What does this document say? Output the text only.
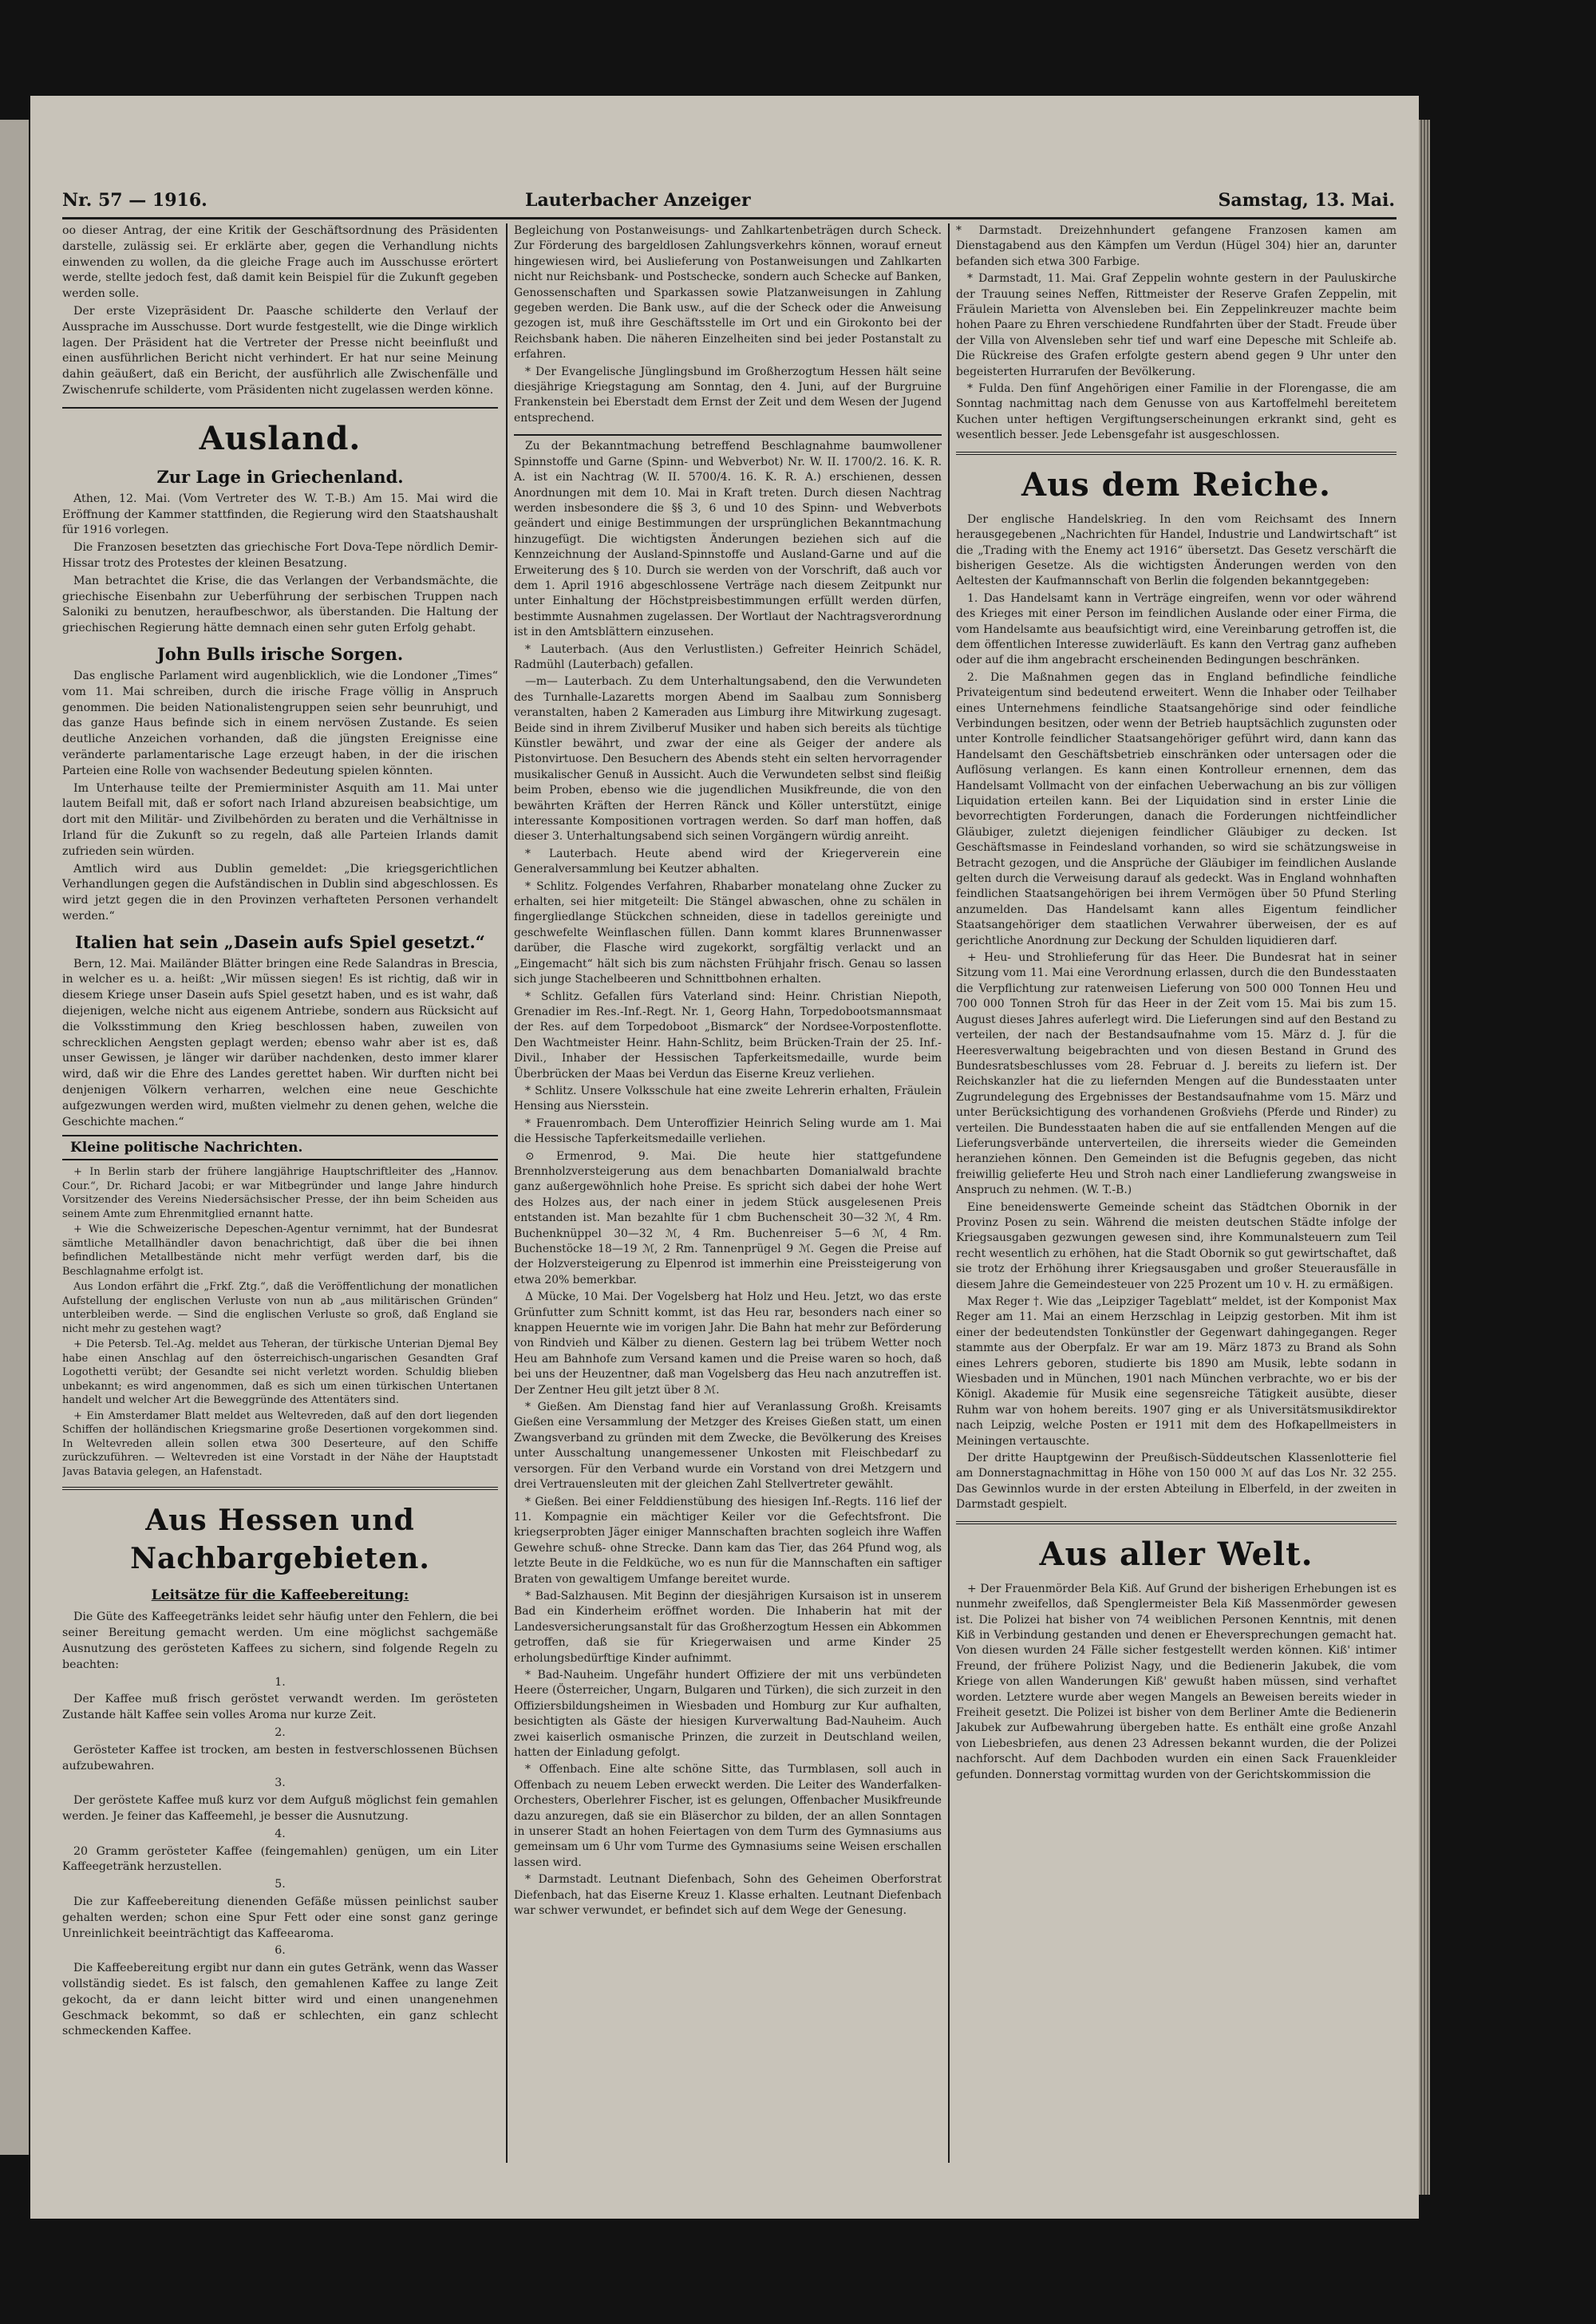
Nr. 57 — 1916.	Lauterbacher Anzeiger	Samstag, 13. Mai.

oo dieser Antrag, der eine Kritik der Geschäftsordnung des Präsidenten darstelle, zulässig sei. Er erklärte aber, gegen die Verhandlung nichts einwenden zu wollen, da die gleiche Frage auch im Ausschusse erörtert werde, stellte jedoch fest, daß damit kein Beispiel für die Zukunft gegeben werden solle.

Der erste Vizepräsident Dr. Paasche schilderte den Verlauf der Aussprache im Ausschusse. Dort wurde festgestellt, wie die Dinge wirklich lagen. Der Präsident hat die Vertreter der Presse nicht beeinflußt und einen ausführlichen Bericht nicht verhindert. Er hat nur seine Meinung dahin geäußert, daß ein Bericht, der ausführlich alle Zwischenfälle und Zwischenrufe schilderte, vom Präsidenten nicht zugelassen werden könne.

Ausland.
Zur Lage in Griechenland.

Athen, 12. Mai. (Vom Vertreter des W. T.-B.) Am 15. Mai wird die Eröffnung der Kammer stattfinden, die Regierung wird den Staatshaushalt für 1916 vorlegen.

Die Franzosen besetzten das griechische Fort Dova-Tepe nördlich Demir-Hissar trotz des Protestes der kleinen Besatzung.

Man betrachtet die Krise, die das Verlangen der Verbandsmächte, die griechische Eisenbahn zur Ueberführung der serbischen Truppen nach Saloniki zu benutzen, heraufbeschwor, als überstanden. Die Haltung der griechischen Regierung hätte demnach einen sehr guten Erfolg gehabt.

John Bulls irische Sorgen.

Das englische Parlament wird augenblicklich, wie die Londoner „Times“ vom 11. Mai schreiben, durch die irische Frage völlig in Anspruch genommen. Die beiden Nationalistengruppen seien sehr beunruhigt, und das ganze Haus befinde sich in einem nervösen Zustande. Es seien deutliche Anzeichen vorhanden, daß die jüngsten Ereignisse eine veränderte parlamentarische Lage erzeugt haben, in der die irischen Parteien eine Rolle von wachsender Bedeutung spielen könnten.

Im Unterhause teilte der Premierminister Asquith am 11. Mai unter lautem Beifall mit, daß er sofort nach Irland abzureisen beabsichtige, um dort mit den Militär- und Zivilbehörden zu beraten und die Verhältnisse in Irland für die Zukunft so zu regeln, daß alle Parteien Irlands damit zufrieden sein würden.

Amtlich wird aus Dublin gemeldet: „Die kriegsgerichtlichen Verhandlungen gegen die Aufständischen in Dublin sind abgeschlossen. Es wird jetzt gegen die in den Provinzen verhafteten Personen verhandelt werden.“

Italien hat sein „Dasein aufs Spiel gesetzt.“

Bern, 12. Mai. Mailänder Blätter bringen eine Rede Salandras in Brescia, in welcher es u. a. heißt: „Wir müssen siegen! Es ist richtig, daß wir in diesem Kriege unser Dasein aufs Spiel gesetzt haben, und es ist wahr, daß diejenigen, welche nicht aus eigenem Antriebe, sondern aus Rücksicht auf die Volksstimmung den Krieg beschlossen haben, zuweilen von schrecklichen Aengsten geplagt werden; ebenso wahr aber ist es, daß unser Gewissen, je länger wir darüber nachdenken, desto immer klarer wird, daß wir die Ehre des Landes gerettet haben. Wir durften nicht bei denjenigen Völkern verharren, welchen eine neue Geschichte aufgezwungen werden wird, mußten vielmehr zu denen gehen, welche die Geschichte machen.“

Kleine politische Nachrichten.

+ In Berlin starb der frühere langjährige Hauptschriftleiter des „Hannov. Cour.“, Dr. Richard Jacobi; er war Mitbegründer und lange Jahre hindurch Vorsitzender des Vereins Niedersächsischer Presse, der ihn beim Scheiden aus seinem Amte zum Ehrenmitglied ernannt hatte.

+ Wie die Schweizerische Depeschen-Agentur vernimmt, hat der Bundesrat sämtliche Metallhändler davon benachrichtigt, daß über die bei ihnen befindlichen Metallbestände nicht mehr verfügt werden darf, bis die Beschlagnahme erfolgt ist.

Aus London erfährt die „Frkf. Ztg.“, daß die Veröffentlichung der monatlichen Aufstellung der englischen Verluste von nun ab „aus militärischen Gründen“ unterbleiben werde. — Sind die englischen Verluste so groß, daß England sie nicht mehr zu gestehen wagt?

+ Die Petersb. Tel.-Ag. meldet aus Teheran, der türkische Unterian Djemal Bey habe einen Anschlag auf den österreichisch-ungarischen Gesandten Graf Logothetti verübt; der Gesandte sei nicht verletzt worden. Schuldig blieben unbekannt; es wird angenommen, daß es sich um einen türkischen Untertanen handelt und welcher Art die Beweggründe des Attentäters sind.

+ Ein Amsterdamer Blatt meldet aus Weltevreden, daß auf den dort liegenden Schiffen der holländischen Kriegsmarine große Desertionen vorgekommen sind. In Weltevreden allein sollen etwa 300 Deserteure, auf den Schiffe zurückzuführen. — Weltevreden ist eine Vorstadt in der Nähe der Hauptstadt Javas Batavia gelegen, an Hafenstadt.

Aus Hessen und Nachbargebieten.
Leitsätze für die Kaffeebereitung:

Die Güte des Kaffeegetränks leidet sehr häufig unter den Fehlern, die bei seiner Bereitung gemacht werden. Um eine möglichst sachgemäße Ausnutzung des gerösteten Kaffees zu sichern, sind folgende Regeln zu beachten:

1.

Der Kaffee muß frisch geröstet verwandt werden. Im gerösteten Zustande hält Kaffee sein volles Aroma nur kurze Zeit.

2.

Gerösteter Kaffee ist trocken, am besten in festverschlossenen Büchsen aufzubewahren.

3.

Der geröstete Kaffee muß kurz vor dem Aufguß möglichst fein gemahlen werden. Je feiner das Kaffeemehl, je besser die Ausnutzung.

4.

20 Gramm gerösteter Kaffee (feingemahlen) genügen, um ein Liter Kaffeegetränk herzustellen.

5.

Die zur Kaffeebereitung dienenden Gefäße müssen peinlichst sauber gehalten werden; schon eine Spur Fett oder eine sonst ganz geringe Unreinlichkeit beeinträchtigt das Kaffeearoma.

6.

Die Kaffeebereitung ergibt nur dann ein gutes Getränk, wenn das Wasser vollständig siedet. Es ist falsch, den gemahlenen Kaffee zu lange Zeit gekocht, da er dann leicht bitter wird und einen unangenehmen Geschmack bekommt, so daß er schlechten, ein ganz schlecht schmeckenden Kaffee.

Begleichung von Postanweisungs- und Zahlkartenbeträgen durch Scheck. Zur Förderung des bargeldlosen Zahlungsverkehrs können, worauf erneut hingewiesen wird, bei Auslieferung von Postanweisungen und Zahlkarten nicht nur Reichsbank- und Postschecke, sondern auch Schecke auf Banken, Genossenschaften und Sparkassen sowie Platzanweisungen in Zahlung gegeben werden. Die Bank usw., auf die der Scheck oder die Anweisung gezogen ist, muß ihre Geschäftsstelle im Ort und ein Girokonto bei der Reichsbank haben. Die näheren Einzelheiten sind bei jeder Postanstalt zu erfahren.

* Der Evangelische Jünglingsbund im Großherzogtum Hessen hält seine diesjährige Kriegstagung am Sonntag, den 4. Juni, auf der Burgruine Frankenstein bei Eberstadt dem Ernst der Zeit und dem Wesen der Jugend entsprechend.

Zu der Bekanntmachung betreffend Beschlagnahme baumwollener Spinnstoffe und Garne (Spinn- und Webverbot) Nr. W. II. 1700/2. 16. K. R. A. ist ein Nachtrag (W. II. 5700/4. 16. K. R. A.) erschienen, dessen Anordnungen mit dem 10. Mai in Kraft treten. Durch diesen Nachtrag werden insbesondere die §§ 3, 6 und 10 des Spinn- und Webverbots geändert und einige Bestimmungen der ursprünglichen Bekanntmachung hinzugefügt. Die wichtigsten Änderungen beziehen sich auf die Kennzeichnung der Ausland-Spinnstoffe und Ausland-Garne und auf die Erweiterung des § 10. Durch sie werden von der Vorschrift, daß auch vor dem 1. April 1916 abgeschlossene Verträge nach diesem Zeitpunkt nur unter Einhaltung der Höchstpreisbestimmungen erfüllt werden dürfen, bestimmte Ausnahmen zugelassen. Der Wortlaut der Nachtragsverordnung ist in den Amtsblättern einzusehen.

* Lauterbach. (Aus den Verlustlisten.) Gefreiter Heinrich Schädel, Radmühl (Lauterbach) gefallen.

—m— Lauterbach. Zu dem Unterhaltungsabend, den die Verwundeten des Turnhalle-Lazaretts morgen Abend im Saalbau zum Sonnisberg veranstalten, haben 2 Kameraden aus Limburg ihre Mitwirkung zugesagt. Beide sind in ihrem Zivilberuf Musiker und haben sich bereits als tüchtige Künstler bewährt, und zwar der eine als Geiger der andere als Pistonvirtuose. Den Besuchern des Abends steht ein selten hervorragender musikalischer Genuß in Aussicht. Auch die Verwundeten selbst sind fleißig beim Proben, ebenso wie die jugendlichen Musikfreunde, die von den bewährten Kräften der Herren Ränck und Köller unterstützt, einige interessante Kompositionen vortragen werden. So darf man hoffen, daß dieser 3. Unterhaltungsabend sich seinen Vorgängern würdig anreiht.

* Lauterbach. Heute abend wird der Kriegerverein eine Generalversammlung bei Keutzer abhalten.

* Schlitz. Folgendes Verfahren, Rhabarber monatelang ohne Zucker zu erhalten, sei hier mitgeteilt: Die Stängel abwaschen, ohne zu schälen in fingergliedlange Stückchen schneiden, diese in tadellos gereinigte und geschwefelte Weinflaschen füllen. Dann kommt klares Brunnenwasser darüber, die Flasche wird zugekorkt, sorgfältig verlackt und an „Eingemacht“ hält sich bis zum nächsten Frühjahr frisch. Genau so lassen sich junge Stachelbeeren und Schnittbohnen erhalten.

* Schlitz. Gefallen fürs Vaterland sind: Heinr. Christian Niepoth, Grenadier im Res.-Inf.-Regt. Nr. 1, Georg Hahn, Torpedobootsmannsmaat der Res. auf dem Torpedoboot „Bismarck“ der Nordsee-Vorpostenflotte. Den Wachtmeister Heinr. Hahn-Schlitz, beim Brücken-Train der 25. Inf.-Divil., Inhaber der Hessischen Tapferkeitsmedaille, wurde beim Überbrücken der Maas bei Verdun das Eiserne Kreuz verliehen.

* Schlitz. Unsere Volksschule hat eine zweite Lehrerin erhalten, Fräulein Hensing aus Niersstein.

* Frauenrombach. Dem Unteroffizier Heinrich Seling wurde am 1. Mai die Hessische Tapferkeitsmedaille verliehen.

⊙ Ermenrod, 9. Mai. Die heute hier stattgefundene Brennholzversteigerung aus dem benachbarten Domanialwald brachte ganz außergewöhnlich hohe Preise. Es spricht sich dabei der hohe Wert des Holzes aus, der nach einer in jedem Stück ausgelesenen Preis entstanden ist. Man bezahlte für 1 cbm Buchenscheit 30—32 ℳ, 4 Rm. Buchenknüppel 30—32 ℳ, 4 Rm. Buchenreiser 5—6 ℳ, 4 Rm. Buchenstöcke 18—19 ℳ, 2 Rm. Tannenprügel 9 ℳ. Gegen die Preise auf der Holzversteigerung zu Elpenrod ist immerhin eine Preissteigerung von etwa 20% bemerkbar.

Δ Mücke, 10 Mai. Der Vogelsberg hat Holz und Heu. Jetzt, wo das erste Grünfutter zum Schnitt kommt, ist das Heu rar, besonders nach einer so knappen Heuernte wie im vorigen Jahr. Die Bahn hat mehr zur Beförderung von Rindvieh und Kälber zu dienen. Gestern lag bei trübem Wetter noch Heu am Bahnhofe zum Versand kamen und die Preise waren so hoch, daß bei uns der Heuzentner, daß man Vogelsberg das Heu nach anzutreffen ist. Der Zentner Heu gilt jetzt über 8 ℳ.

* Gießen. Am Dienstag fand hier auf Veranlassung Großh. Kreisamts Gießen eine Versammlung der Metzger des Kreises Gießen statt, um einen Zwangsverband zu gründen mit dem Zwecke, die Bevölkerung des Kreises unter Ausschaltung unangemessener Unkosten mit Fleischbedarf zu versorgen. Für den Verband wurde ein Vorstand von drei Metzgern und drei Vertrauensleuten mit der gleichen Zahl Stellvertreter gewählt.

* Gießen. Bei einer Felddienstübung des hiesigen Inf.-Regts. 116 lief der 11. Kompagnie ein mächtiger Keiler vor die Gefechtsfront. Die kriegserprobten Jäger einiger Mannschaften brachten sogleich ihre Waffen Gewehre schuß- ohne Strecke. Dann kam das Tier, das 264 Pfund wog, als letzte Beute in die Feldküche, wo es nun für die Mannschaften ein saftiger Braten von gewaltigem Umfange bereitet wurde.

* Bad-Salzhausen. Mit Beginn der diesjährigen Kursaison ist in unserem Bad ein Kinderheim eröffnet worden. Die Inhaberin hat mit der Landesversicherungsanstalt für das Großherzogtum Hessen ein Abkommen getroffen, daß sie für Kriegerwaisen und arme Kinder 25 erholungsbedürftige Kinder aufnimmt.

* Bad-Nauheim. Ungefähr hundert Offiziere der mit uns verbündeten Heere (Österreicher, Ungarn, Bulgaren und Türken), die sich zurzeit in den Offiziersbildungsheimen in Wiesbaden und Homburg zur Kur aufhalten, besichtigten als Gäste der hiesigen Kurverwaltung Bad-Nauheim. Auch zwei kaiserlich osmanische Prinzen, die zurzeit in Deutschland weilen, hatten der Einladung gefolgt.

* Offenbach. Eine alte schöne Sitte, das Turmblasen, soll auch in Offenbach zu neuem Leben erweckt werden. Die Leiter des Wanderfalken-Orchesters, Oberlehrer Fischer, ist es gelungen, Offenbacher Musikfreunde dazu anzuregen, daß sie ein Bläserchor zu bilden, der an allen Sonntagen in unserer Stadt an hohen Feiertagen von dem Turm des Gymnasiums aus gemeinsam um 6 Uhr vom Turme des Gymnasiums seine Weisen erschallen lassen wird.

* Darmstadt. Leutnant Diefenbach, Sohn des Geheimen Oberforstrat Diefenbach, hat das Eiserne Kreuz 1. Klasse erhalten. Leutnant Diefenbach war schwer verwundet, er befindet sich auf dem Wege der Genesung.

* Darmstadt. Dreizehnhundert gefangene Franzosen kamen am Dienstagabend aus den Kämpfen um Verdun (Hügel 304) hier an, darunter befanden sich etwa 300 Farbige.

* Darmstadt, 11. Mai. Graf Zeppelin wohnte gestern in der Pauluskirche der Trauung seines Neffen, Rittmeister der Reserve Grafen Zeppelin, mit Fräulein Marietta von Alvensleben bei. Ein Zeppelinkreuzer machte beim hohen Paare zu Ehren verschiedene Rundfahrten über der Stadt. Freude über der Villa von Alvensleben sehr tief und warf eine Depesche mit Schleife ab. Die Rückreise des Grafen erfolgte gestern abend gegen 9 Uhr unter den begeisterten Hurrarufen der Bevölkerung.

* Fulda. Den fünf Angehörigen einer Familie in der Florengasse, die am Sonntag nachmittag nach dem Genusse von aus Kartoffelmehl bereitetem Kuchen unter heftigen Vergiftungserscheinungen erkrankt sind, geht es wesentlich besser. Jede Lebensgefahr ist ausgeschlossen.

Aus dem Reiche.

Der englische Handelskrieg. In den vom Reichsamt des Innern herausgegebenen „Nachrichten für Handel, Industrie und Landwirtschaft“ ist die „Trading with the Enemy act 1916“ übersetzt. Das Gesetz verschärft die bisherigen Gesetze. Als die wichtigsten Änderungen werden von den Aeltesten der Kaufmannschaft von Berlin die folgenden bekanntgegeben:

1. Das Handelsamt kann in Verträge eingreifen, wenn vor oder während des Krieges mit einer Person im feindlichen Auslande oder einer Firma, die vom Handelsamte aus beaufsichtigt wird, eine Vereinbarung getroffen ist, die dem öffentlichen Interesse zuwiderläuft. Es kann den Vertrag ganz aufheben oder auf die ihm angebracht erscheinenden Bedingungen beschränken.

2. Die Maßnahmen gegen das in England befindliche feindliche Privateigentum sind bedeutend erweitert. Wenn die Inhaber oder Teilhaber eines Unternehmens feindliche Staatsangehörige sind oder feindliche Verbindungen besitzen, oder wenn der Betrieb hauptsächlich zugunsten oder unter Kontrolle feindlicher Staatsangehöriger geführt wird, dann kann das Handelsamt den Geschäftsbetrieb einschränken oder untersagen oder die Auflösung verlangen. Es kann einen Kontrolleur ernennen, dem das Handelsamt Vollmacht von der einfachen Ueberwachung an bis zur völligen Liquidation erteilen kann. Bei der Liquidation sind in erster Linie die bevorrechtigten Forderungen, danach die Forderungen nichtfeindlicher Gläubiger, zuletzt diejenigen feindlicher Gläubiger zu decken. Ist Geschäftsmasse in Feindesland vorhanden, so wird sie schätzungsweise in Betracht gezogen, und die Ansprüche der Gläubiger im feindlichen Auslande gelten durch die Verweisung darauf als gedeckt. Was in England wohnhaften feindlichen Staatsangehörigen bei ihrem Vermögen über 50 Pfund Sterling anzumelden. Das Handelsamt kann alles Eigentum feindlicher Staatsangehöriger dem staatlichen Verwahrer überweisen, der es auf gerichtliche Anordnung zur Deckung der Schulden liquidieren darf.

+ Heu- und Strohlieferung für das Heer. Die Bundesrat hat in seiner Sitzung vom 11. Mai eine Verordnung erlassen, durch die den Bundesstaaten die Verpflichtung zur ratenweisen Lieferung von 500 000 Tonnen Heu und 700 000 Tonnen Stroh für das Heer in der Zeit vom 15. Mai bis zum 15. August dieses Jahres auferlegt wird. Die Lieferungen sind auf den Bestand zu verteilen, der nach der Bestandsaufnahme vom 15. März d. J. für die Heeresverwaltung beigebrachten und von diesen Bestand in Grund des Bundesratsbeschlusses vom 28. Februar d. J. bereits zu liefern ist. Der Reichskanzler hat die zu liefernden Mengen auf die Bundesstaaten unter Zugrundelegung des Ergebnisses der Bestandsaufnahme vom 15. März und unter Berücksichtigung des vorhandenen Großviehs (Pferde und Rinder) zu verteilen. Die Bundesstaaten haben die auf sie entfallenden Mengen auf die Lieferungsverbände unterverteilen, die ihrerseits wieder die Gemeinden heranziehen können. Den Gemeinden ist die Befugnis gegeben, das nicht freiwillig gelieferte Heu und Stroh nach einer Landlieferung zwangsweise in Anspruch zu nehmen. (W. T.-B.)

Eine beneidenswerte Gemeinde scheint das Städtchen Obornik in der Provinz Posen zu sein. Während die meisten deutschen Städte infolge der Kriegsausgaben gezwungen gewesen sind, ihre Kommunalsteuern zum Teil recht wesentlich zu erhöhen, hat die Stadt Obornik so gut gewirtschaftet, daß sie trotz der Erhöhung ihrer Kriegsausgaben und großer Steuerausfälle in diesem Jahre die Gemeindesteuer von 225 Prozent um 10 v. H. zu ermäßigen.

Max Reger †. Wie das „Leipziger Tageblatt“ meldet, ist der Komponist Max Reger am 11. Mai an einem Herzschlag in Leipzig gestorben. Mit ihm ist einer der bedeutendsten Tonkünstler der Gegenwart dahingegangen. Reger stammte aus der Oberpfalz. Er war am 19. März 1873 zu Brand als Sohn eines Lehrers geboren, studierte bis 1890 am Musik, lebte sodann in Wiesbaden und in München, 1901 nach München verbrachte, wo er bis der Königl. Akademie für Musik eine segensreiche Tätigkeit ausübte, dieser Ruhm war von hohem bereits. 1907 ging er als Universitätsmusikdirektor nach Leipzig, welche Posten er 1911 mit dem des Hofkapellmeisters in Meiningen vertauschte.

Der dritte Hauptgewinn der Preußisch-Süddeutschen Klassenlotterie fiel am Donnerstagnachmittag in Höhe von 150 000 ℳ auf das Los Nr. 32 255. Das Gewinnlos wurde in der ersten Abteilung in Elberfeld, in der zweiten in Darmstadt gespielt.

Aus aller Welt.

+ Der Frauenmörder Bela Kiß. Auf Grund der bisherigen Erhebungen ist es nunmehr zweifellos, daß Spenglermeister Bela Kiß Massenmörder gewesen ist. Die Polizei hat bisher von 74 weiblichen Personen Kenntnis, mit denen Kiß in Verbindung gestanden und denen er Eheversprechungen gemacht hat. Von diesen wurden 24 Fälle sicher festgestellt werden können. Kiß' intimer Freund, der frühere Polizist Nagy, und die Bedienerin Jakubek, die vom Kriege von allen Wanderungen Kiß' gewußt haben müssen, sind verhaftet worden. Letztere wurde aber wegen Mangels an Beweisen bereits wieder in Freiheit gesetzt. Die Polizei ist bisher von dem Berliner Amte die Bedienerin Jakubek zur Aufbewahrung übergeben hatte. Es enthält eine große Anzahl von Liebesbriefen, aus denen 23 Adressen bekannt wurden, die der Polizei nachforscht. Auf dem Dachboden wurden ein einen Sack Frauenkleider gefunden. Donnerstag vormittag wurden von der Gerichtskommission die
